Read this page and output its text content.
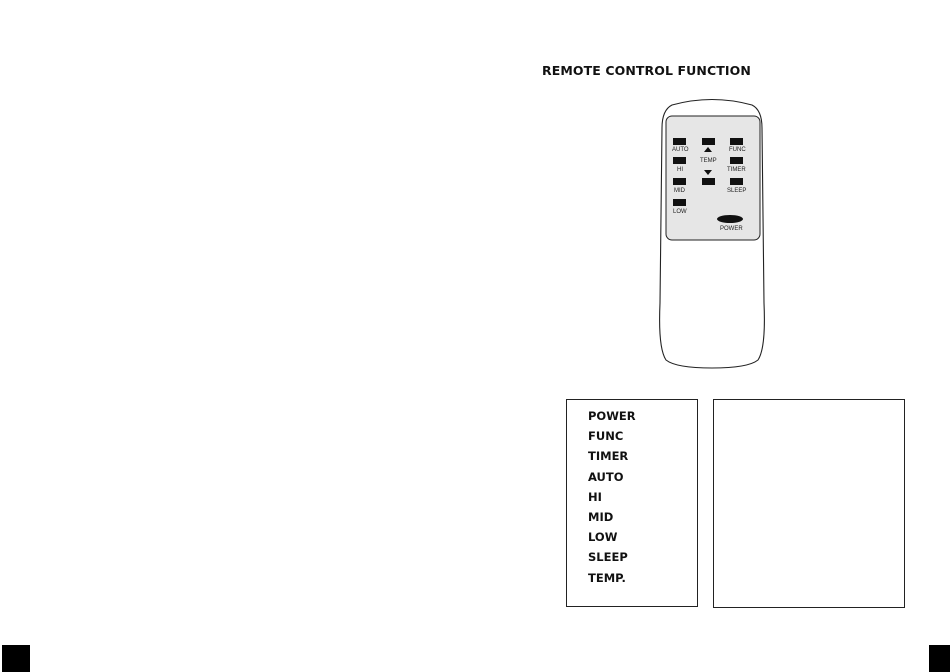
REMOTE CONTROL FUNCTION
AUTO	FUNC
HI
TEMP
TIMER
MID	SLEEP
LOW
POWER
POWER
FUNC
TIMER
AUTO
HI
MID
LOW
SLEEP
TEMP.
